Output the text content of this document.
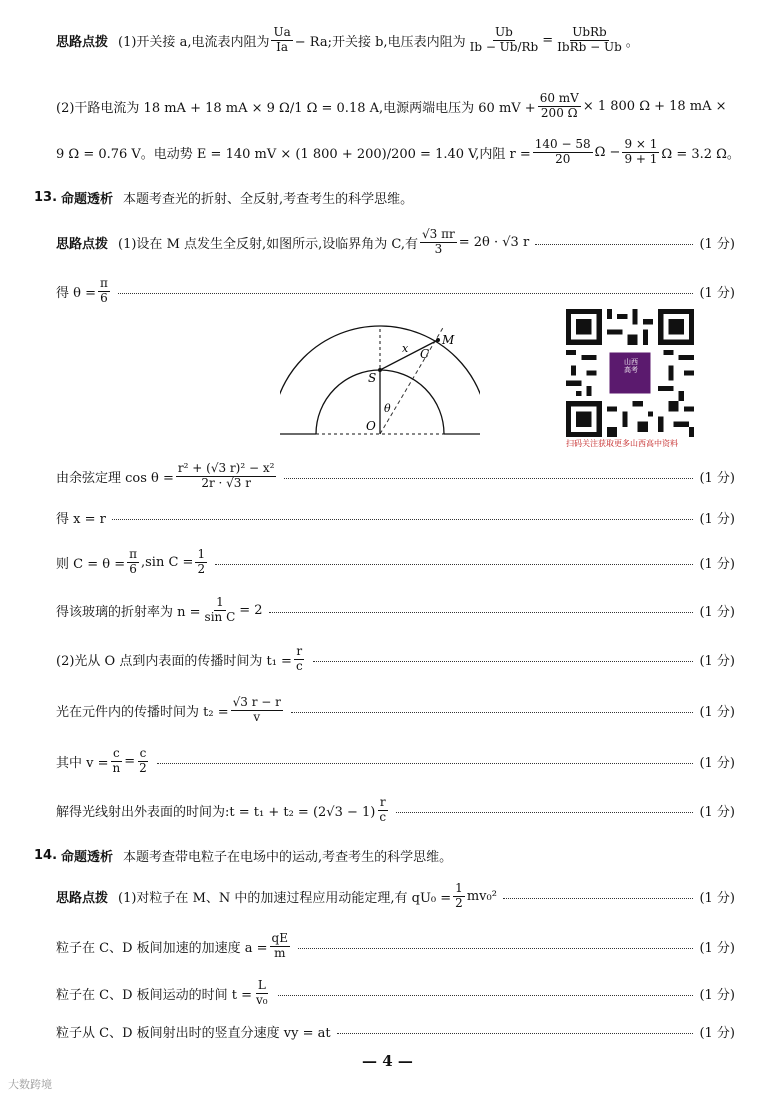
思路点拨 (1)开关接 a,电流表内阻为 $\frac{Ua}{Ia} - Ra$;开关接 b,电压表内阻为 $\frac{Ub}{Ib - Ub/Rb} = \frac{\text{UbRb}}{\text{IbRb − Ub}}$ 。
(2)干路电流为 18 mA + 18 mA × 9 Ω/1 Ω = 0.18 A,电源两端电压为 60 mV + $\frac{60 mV}{200 \Omega} \times 1$ 800 Ω + 18 mA ×
9 Ω = 0.76 V。电动势 E = 140 mV × (1 800 + 200)/200 = 1.40 V,内阻 $r = \frac{140 - 58}{20}$ $\Omega - \frac{9 \times 1}{9 + 1}$ Ω = 3.2 Ω。
13. 命题透析 本题考查光的折射、全反射,考查考生的科学思维。
思路点拨 (1)设在 M 点发生全反射,如图所示,设临界角为 C,有 $\frac{√3 \pi r}{3} = 2\theta \cdot √3$ r	(1 分)
得 $\theta = \frac{\pi}{6}$	(1 分)
M
C
S
O
x
θ
山西
高考
扫码关注获取更多山西高中资料
由余弦定理 $\cos \theta = \frac{\text{r² + (√3 r)² − x²}}{2r \cdot √3 r}$	(1 分)
得 x = r	(1 分)
则 $C = \theta = \frac{\pi}{6} ,\sin$ $C = \frac{1}{2}$	(1 分)
得该玻璃的折射率为 $n = \frac{1}{\text{sin C}} = 2$	(1 分)
(2)光从 O 点到内表面的传播时间为 $t_1 = \frac{r}{c}$	(1 分)
光在元件内的传播时间为 $t_2 = \frac{√3 r - r}{v}$	(1 分)
其中 $v = \frac{c}{n} = \frac{c}{2}$	(1 分)
解得光线射出外表面的时间为:t = $t_1 + t_2 = (2√3 - 1) \frac{r}{c}$	(1 分)
14. 命题透析 本题考查带电粒子在电场中的运动,考查考生的科学思维。
思路点拨 (1)对粒子在 M、N 中的加速过程应用动能定理,有 $qU_0 = \frac{1}{2} mv_0^2$	(1 分)
粒子在 C、D 板间加速的加速度 $a = \frac{qE}{m}$	(1 分)
粒子在 C、D 板间运动的时间 $t = \frac{L}{\text{v₀}}$	(1 分)
粒子从 C、D 板间射出时的竖直分速度 vy = at	(1 分)
— 4 —
大数跨境
